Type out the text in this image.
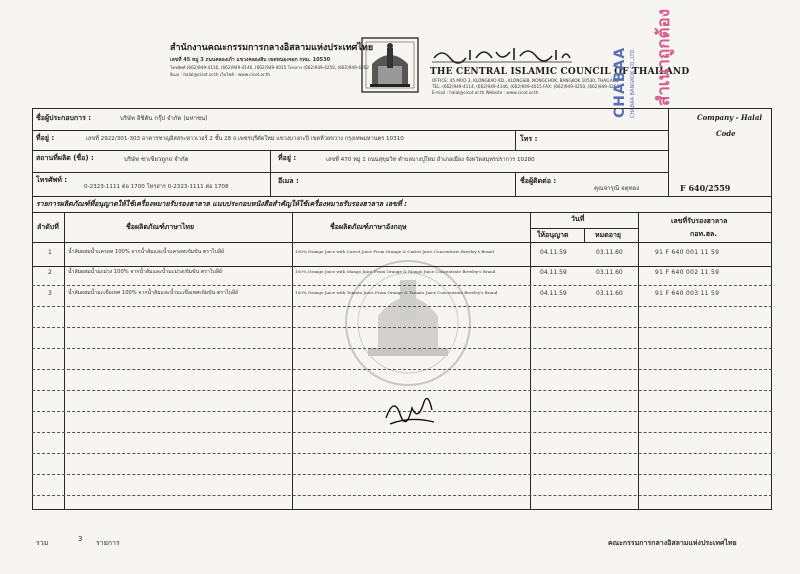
สำนักงานคณะกรรมการกลางอิสลามแห่งประเทศไทย
เลขที่ 45 หมู่ 3 ถนนคลองเก้า แขวงคลองสิบ เขตหนองจอก กทม. 10530
โทรศัพท์ (662)949-4116, (662)949-4146, (662)949-4015 โทรสาร (662)949-4250, (662)949-4262
อีเมล : halal@cicot.or.th เว็บไซต์ : www.cicot.or.th	THE CENTRAL ISLAMIC COUNCIL OF THAILAND
OFFICE: 45 MOO 3, KLONGKAO RD., KLONGSIB, NONGCHOK, BANGKOK 10530, THAILAND
TEL. (662)949-4114, (662)949-4146, (662)949-4015 FAX: (662)949-4250, (662)949-4262
E-mail : halal@cicot.or.th Website : www.cicot.or.th	CHABAA CHABAA BANGKOK CO.,LTD. สำเนาถูกต้อง
Company - Halal
Code
F 640/2559
ชื่อผู้ประกอบการ :	บริษัท อิชิตัน กรุ๊ป จำกัด (มหาชน)
ที่อยู่ :	เลขที่ 2922/301-303 อาคารชาญอิสสระทาวเวอร์ 2 ชั้น 28 ถ.เพชรบุรีตัดใหม่ แขวงบางกะปิ เขตห้วยขวาง กรุงเทพมหานคร 10310	โทร :
สถานที่ผลิต (ชื่อ) :	บริษัท ชาเขียวถูกถ จำกัด	ที่อยู่ :	เลขที่ 470 หมู่ 1 ถนนสุขุมวิท ตำบลบางปูใหม่ อำเภอเมือง จังหวัดสมุทรปราการ 10280
โทรศัพท์ :
0-2323-1111 ต่อ 1700 โทรสาร 0-2323-1111 ต่อ 1708
อีเมล :	ชื่อผู้ติดต่อ :
คุณจารุณี จตุทอง
รายการผลิตภัณฑ์ที่อนุญาตให้ใช้เครื่องหมายรับรองฮาลาล แนบประกอบหนังสือสำคัญให้ใช้เครื่องหมายรับรองฮาลาล เลขที่ :
ลำดับที่	ชื่อผลิตภัณฑ์ภาษาไทย	ชื่อผลิตภัณฑ์ภาษาอังกฤษ
วันที่
ให้อนุญาต	หมดอายุ
เลขที่รับรองฮาลาล
กอท.ฮล.
1	น้ำส้มผสมน้ำแครอท 100% จากน้ำส้มและน้ำแครอทเข้มข้น ตราไบลีย์	100% Orange Juice with Carrot Juice From Orange & Carrot Juice Concentrate Breeley's Brand	04.11.59	03.11.60	91 F 640 001 11 59
2	น้ำส้มผสมน้ำมะม่วง 100% จากน้ำส้มและน้ำมะม่วงเข้มข้น ตราไบลีย์	100% Orange Juice with Mango Juice From Orange & Mango Juice Concentrate Breeley's Brand	04.11.59	03.11.60	91 F 640 002 11 59
3	น้ำส้มผสมน้ำมะเขือเทศ 100% จากน้ำส้มและน้ำมะเขือเทศเข้มข้น ตราไบลีย์	100% Orange Juice with Tomato Juice From Orange & Tomato Juice Concentrate Breeley's Brand	04.11.59	03.11.60	91 F 640 003 11 59
รวม	3 รายการ	คณะกรรมการกลางอิสลามแห่งประเทศไทย
